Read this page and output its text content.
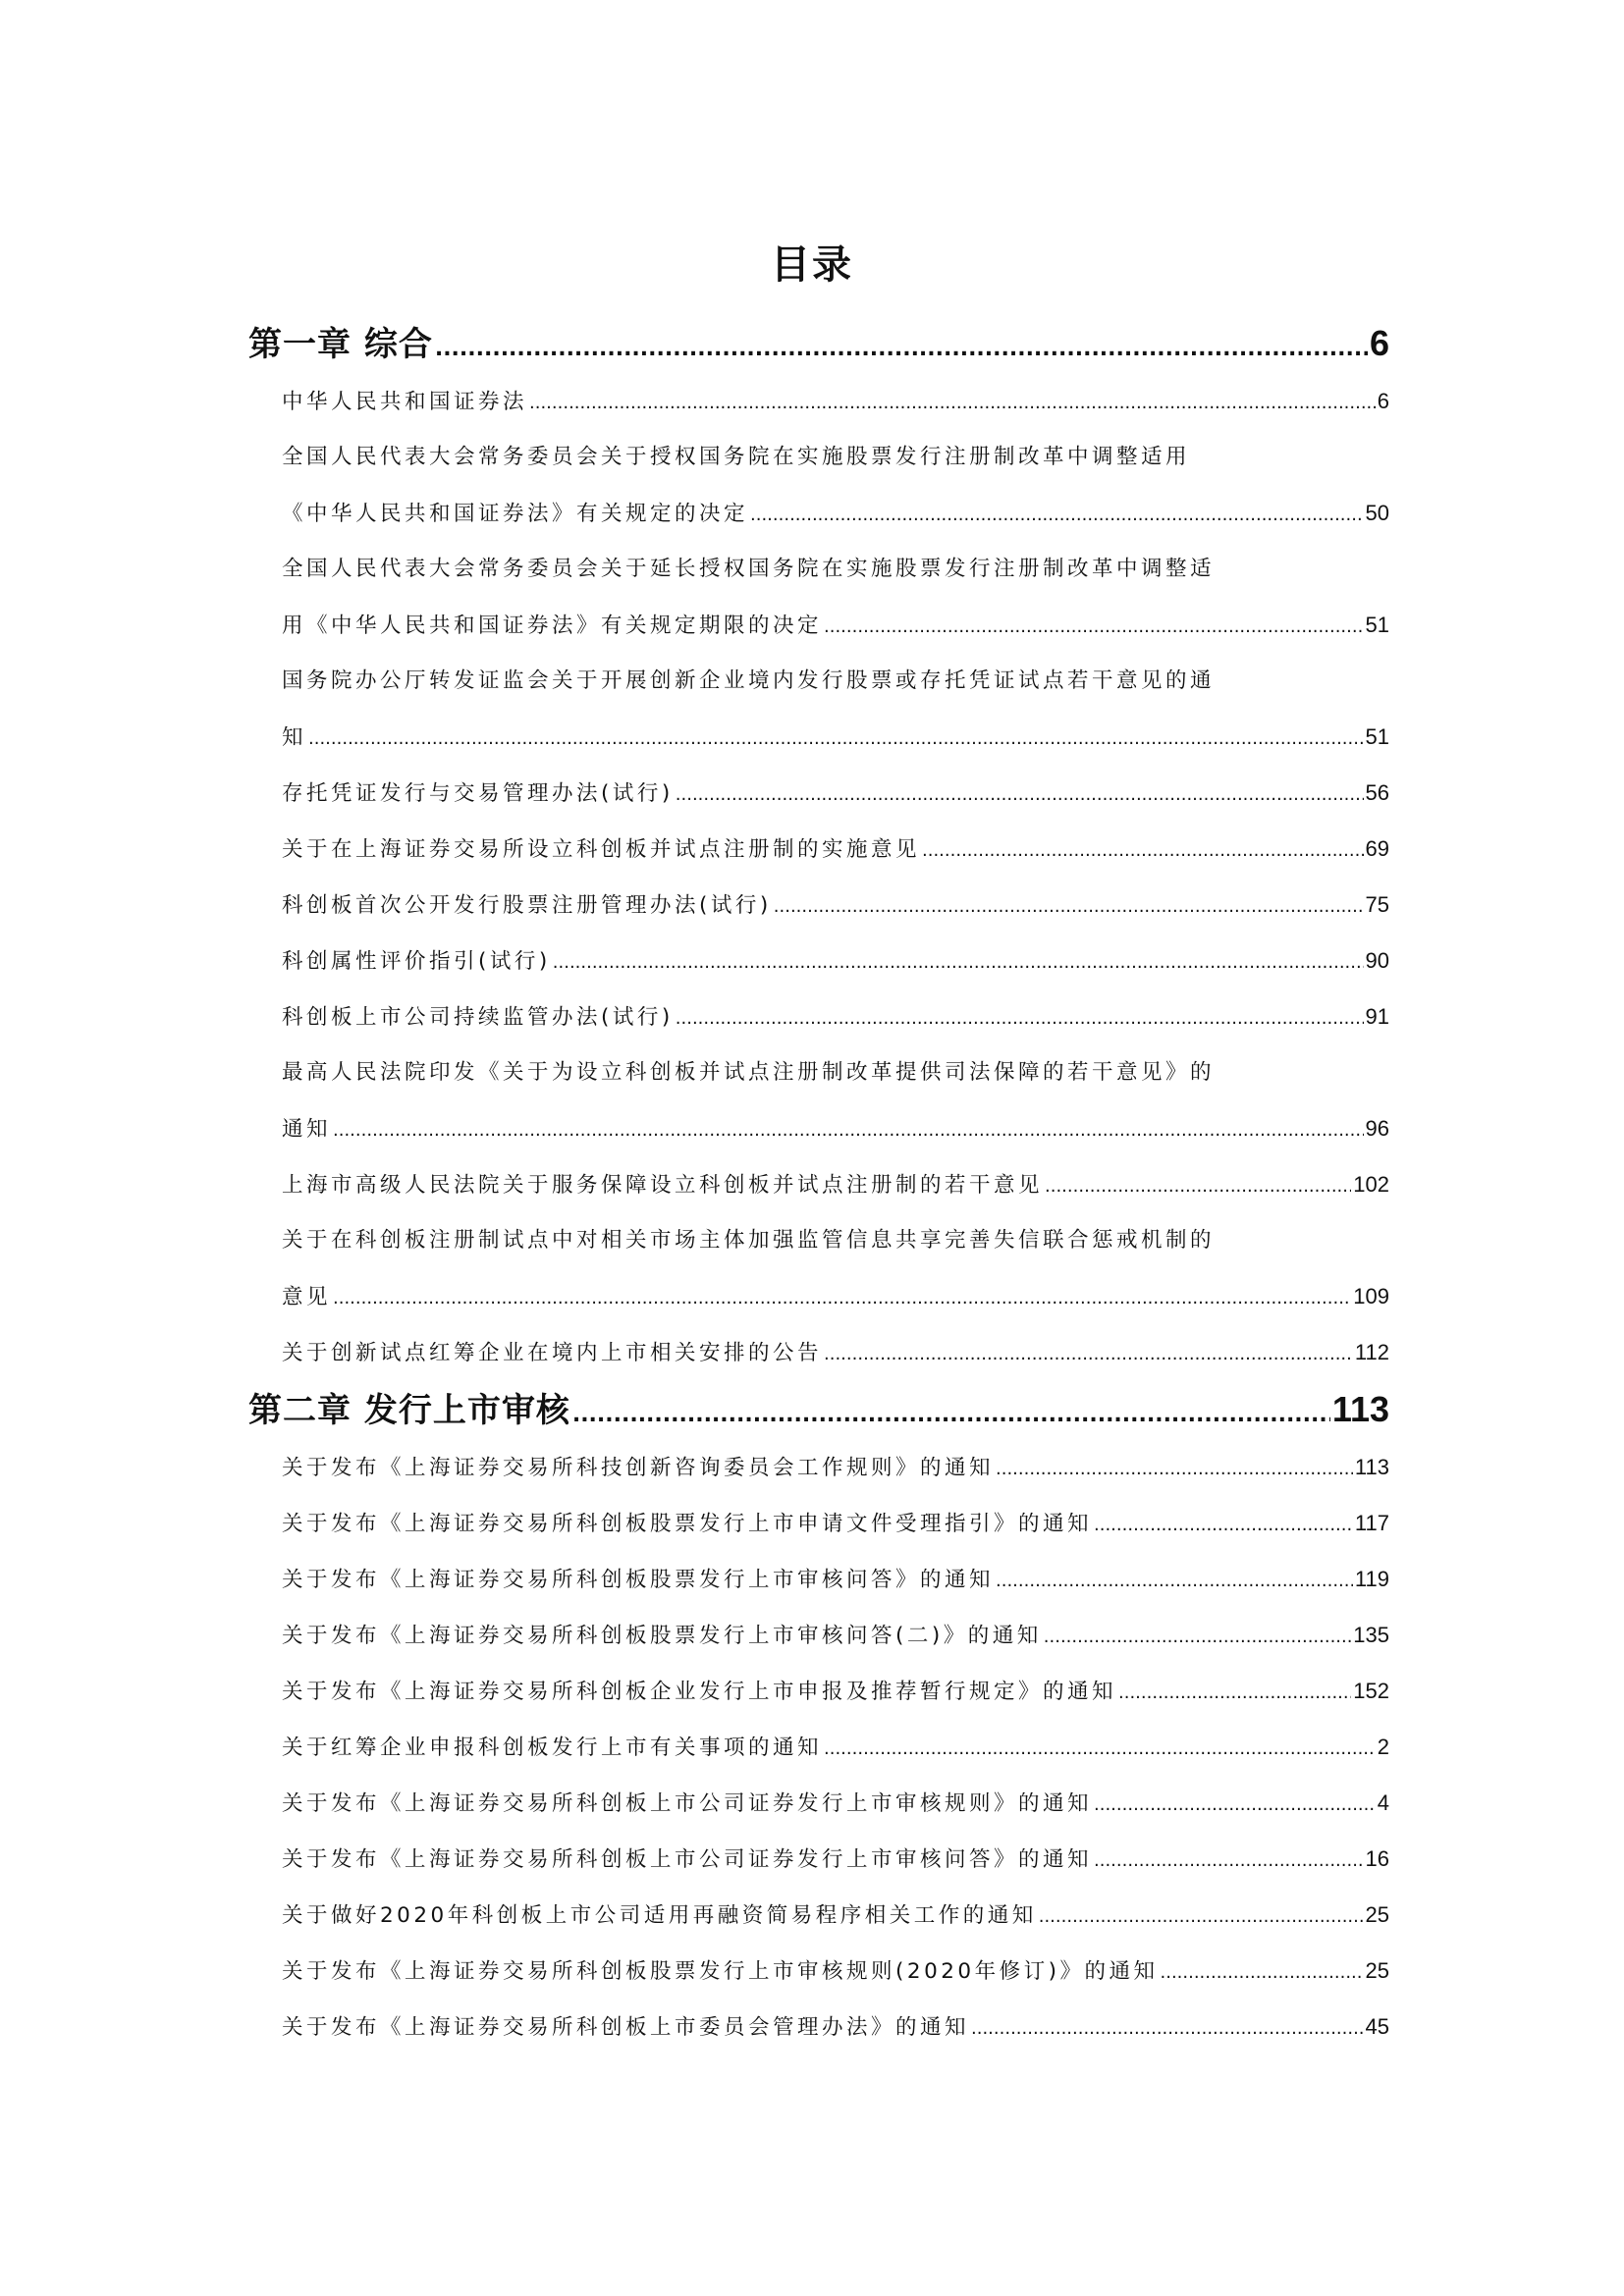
目录
第一章 综合 .....	6
中华人民共和国证券法 .....	6
全国人民代表大会常务委员会关于授权国务院在实施股票发行注册制改革中调整适用
《中华人民共和国证券法》有关规定的决定 .....	50
全国人民代表大会常务委员会关于延长授权国务院在实施股票发行注册制改革中调整适
用《中华人民共和国证券法》有关规定期限的决定 .....	51
国务院办公厅转发证监会关于开展创新企业境内发行股票或存托凭证试点若干意见的通
知 .....	51
存托凭证发行与交易管理办法(试行) .....	56
关于在上海证券交易所设立科创板并试点注册制的实施意见 .....	69
科创板首次公开发行股票注册管理办法(试行) .....	75
科创属性评价指引(试行) .....	90
科创板上市公司持续监管办法(试行) .....	91
最高人民法院印发《关于为设立科创板并试点注册制改革提供司法保障的若干意见》的
通知 .....	96
上海市高级人民法院关于服务保障设立科创板并试点注册制的若干意见 .....	102
关于在科创板注册制试点中对相关市场主体加强监管信息共享完善失信联合惩戒机制的
意见 .....	109
关于创新试点红筹企业在境内上市相关安排的公告 .....	112
第二章 发行上市审核 .....	113
关于发布《上海证券交易所科技创新咨询委员会工作规则》的通知 .....	113
关于发布《上海证券交易所科创板股票发行上市申请文件受理指引》的通知 .....	117
关于发布《上海证券交易所科创板股票发行上市审核问答》的通知 .....	119
关于发布《上海证券交易所科创板股票发行上市审核问答(二)》的通知 .....	135
关于发布《上海证券交易所科创板企业发行上市申报及推荐暂行规定》的通知 .....	152
关于红筹企业申报科创板发行上市有关事项的通知 .....	2
关于发布《上海证券交易所科创板上市公司证券发行上市审核规则》的通知 .....	4
关于发布《上海证券交易所科创板上市公司证券发行上市审核问答》的通知 .....	16
关于做好2020年科创板上市公司适用再融资简易程序相关工作的通知 .....	25
关于发布《上海证券交易所科创板股票发行上市审核规则(2020年修订)》的通知 .....	25
关于发布《上海证券交易所科创板上市委员会管理办法》的通知 .....	45
